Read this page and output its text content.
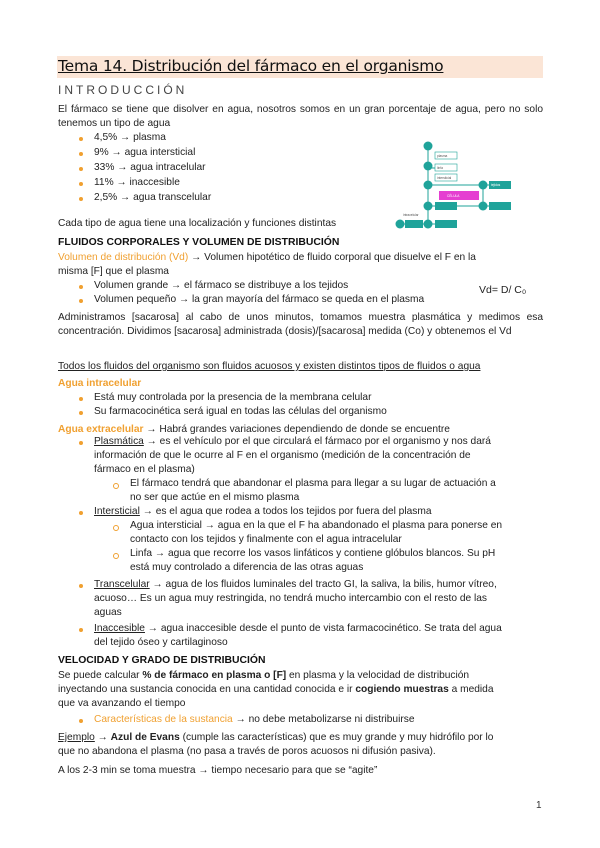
Tema 14. Distribución del fármaco en el organismo
INTRODUCCIÓN
El fármaco se tiene que disolver en agua, nosotros somos en un gran porcentaje de agua, pero no solo tenemos un tipo de agua
4,5% → plasma
9% → agua intersticial
33% → agua intracelular
11% → inaccesible
2,5% → agua transcelular
plasma
linfa
intersticial
intracelular
tejidos
CÉLULA
Cada tipo de agua tiene una localización y funciones distintas
FLUIDOS CORPORALES Y VOLUMEN DE DISTRIBUCIÓN
Volumen de distribución (Vd) → Volumen hipotético de fluido corporal que disuelve el F en la
misma [F] que el plasma
Volumen grande → el fármaco se distribuye a los tejidos
Volumen pequeño → la gran mayoría del fármaco se queda en el plasma
Vd= D/ C₀
Administramos [sacarosa] al cabo de unos minutos, tomamos muestra plasmática y medimos esa concentración. Dividimos [sacarosa] administrada (dosis)/[sacarosa] medida (Co) y obtenemos el Vd
Todos los fluidos del organismo son fluidos acuosos y existen distintos tipos de fluidos o agua
Agua intracelular
Está muy controlada por la presencia de la membrana celular
Su farmacocinética será igual en todas las células del organismo
Agua extracelular → Habrá grandes variaciones dependiendo de donde se encuentre
Plasmática → es el vehículo por el que circulará el fármaco por el organismo y nos dará
información de que le ocurre al F en el organismo (medición de la concentración de
fármaco en el plasma)
El fármaco tendrá que abandonar el plasma para llegar a su lugar de actuación a
no ser que actúe en el mismo plasma
Intersticial → es el agua que rodea a todos los tejidos por fuera del plasma
Agua intersticial → agua en la que el F ha abandonado el plasma para ponerse en
contacto con los tejidos y finalmente con el agua intracelular
Linfa → agua que recorre los vasos linfáticos y contiene glóbulos blancos. Su pH
está muy controlado a diferencia de las otras aguas
Transcelular → agua de los fluidos luminales del tracto GI, la saliva, la bilis, humor vítreo,
acuoso… Es un agua muy restringida, no tendrá mucho intercambio con el resto de las
aguas
Inaccesible → agua inaccesible desde el punto de vista farmacocinético. Se trata del agua
del tejido óseo y cartilaginoso
VELOCIDAD Y GRADO DE DISTRIBUCIÓN
Se puede calcular % de fármaco en plasma o [F] en plasma y la velocidad de distribución
inyectando una sustancia conocida en una cantidad conocida e ir cogiendo muestras a medida
que va avanzando el tiempo
Características de la sustancia → no debe metabolizarse ni distribuirse
Ejemplo → Azul de Evans (cumple las características) que es muy grande y muy hidrófilo por lo
que no abandona el plasma (no pasa a través de poros acuosos ni difusión pasiva).
A los 2-3 min se toma muestra → tiempo necesario para que se “agite”
1
